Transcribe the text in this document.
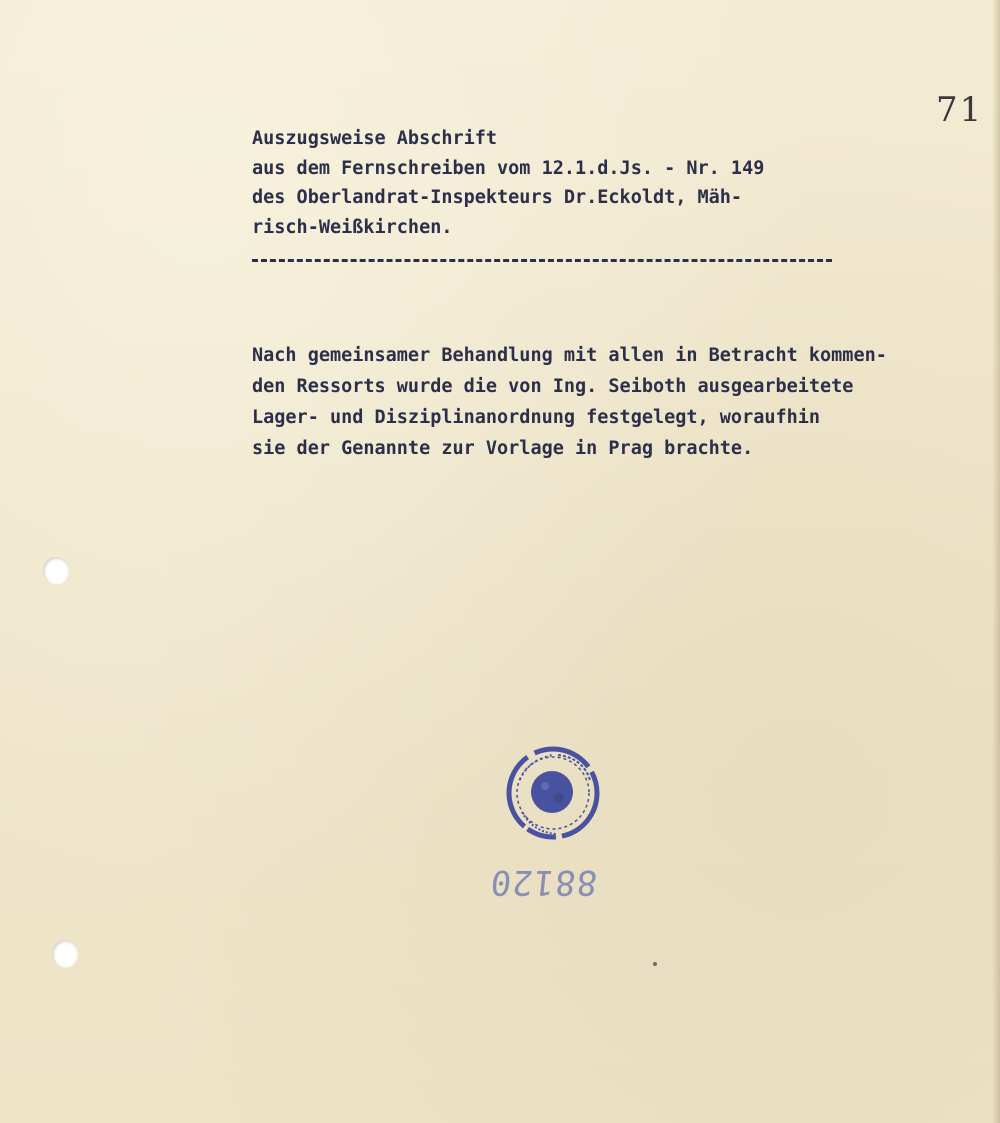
71
Auszugsweise Abschrift
aus dem Fernschreiben vom 12.1.d.Js. - Nr. 149
des Oberlandrat-Inspekteurs Dr.Eckoldt, Mäh-
risch-Weißkirchen.
Nach gemeinsamer Behandlung mit allen in Betracht kommen-
den Ressorts wurde die von Ing. Seiboth ausgearbeitete
Lager- und Disziplinanordnung festgelegt, woraufhin
sie der Genannte zur Vorlage in Prag brachte.
88120
